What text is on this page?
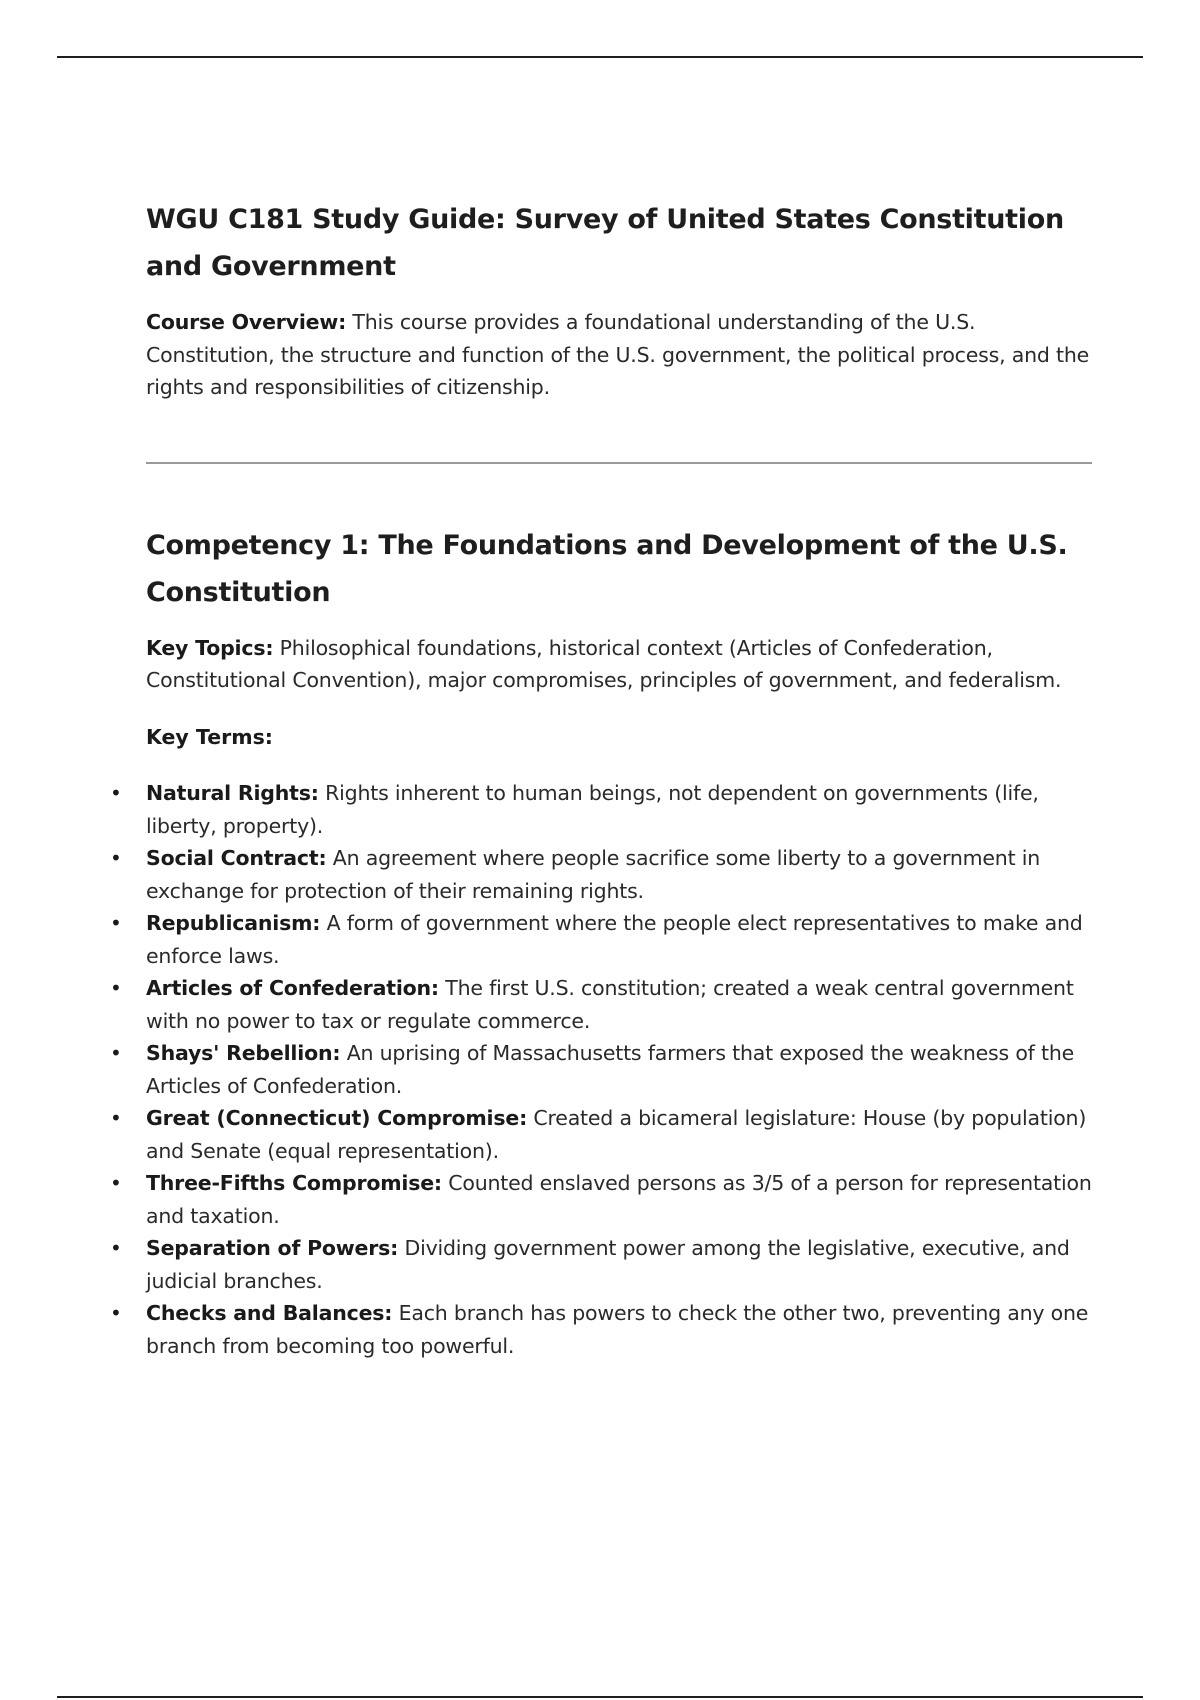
WGU C181 Study Guide: Survey of United States Constitution and Government

Course Overview: This course provides a foundational understanding of the U.S. Constitution, the structure and function of the U.S. government, the political process, and the rights and responsibilities of citizenship.

Competency 1: The Foundations and Development of the U.S. Constitution

Key Topics: Philosophical foundations, historical context (Articles of Confederation, Constitutional Convention), major compromises, principles of government, and federalism.

Key Terms:
• Natural Rights: Rights inherent to human beings, not dependent on governments (life, liberty, property).
• Social Contract: An agreement where people sacrifice some liberty to a government in exchange for protection of their remaining rights.
• Republicanism: A form of government where the people elect representatives to make and enforce laws.
• Articles of Confederation: The first U.S. constitution; created a weak central government with no power to tax or regulate commerce.
• Shays' Rebellion: An uprising of Massachusetts farmers that exposed the weakness of the Articles of Confederation.
• Great (Connecticut) Compromise: Created a bicameral legislature: House (by population) and Senate (equal representation).
• Three-Fifths Compromise: Counted enslaved persons as 3/5 of a person for representation and taxation.
• Separation of Powers: Dividing government power among the legislative, executive, and judicial branches.
• Checks and Balances: Each branch has powers to check the other two, preventing any one branch from becoming too powerful.
